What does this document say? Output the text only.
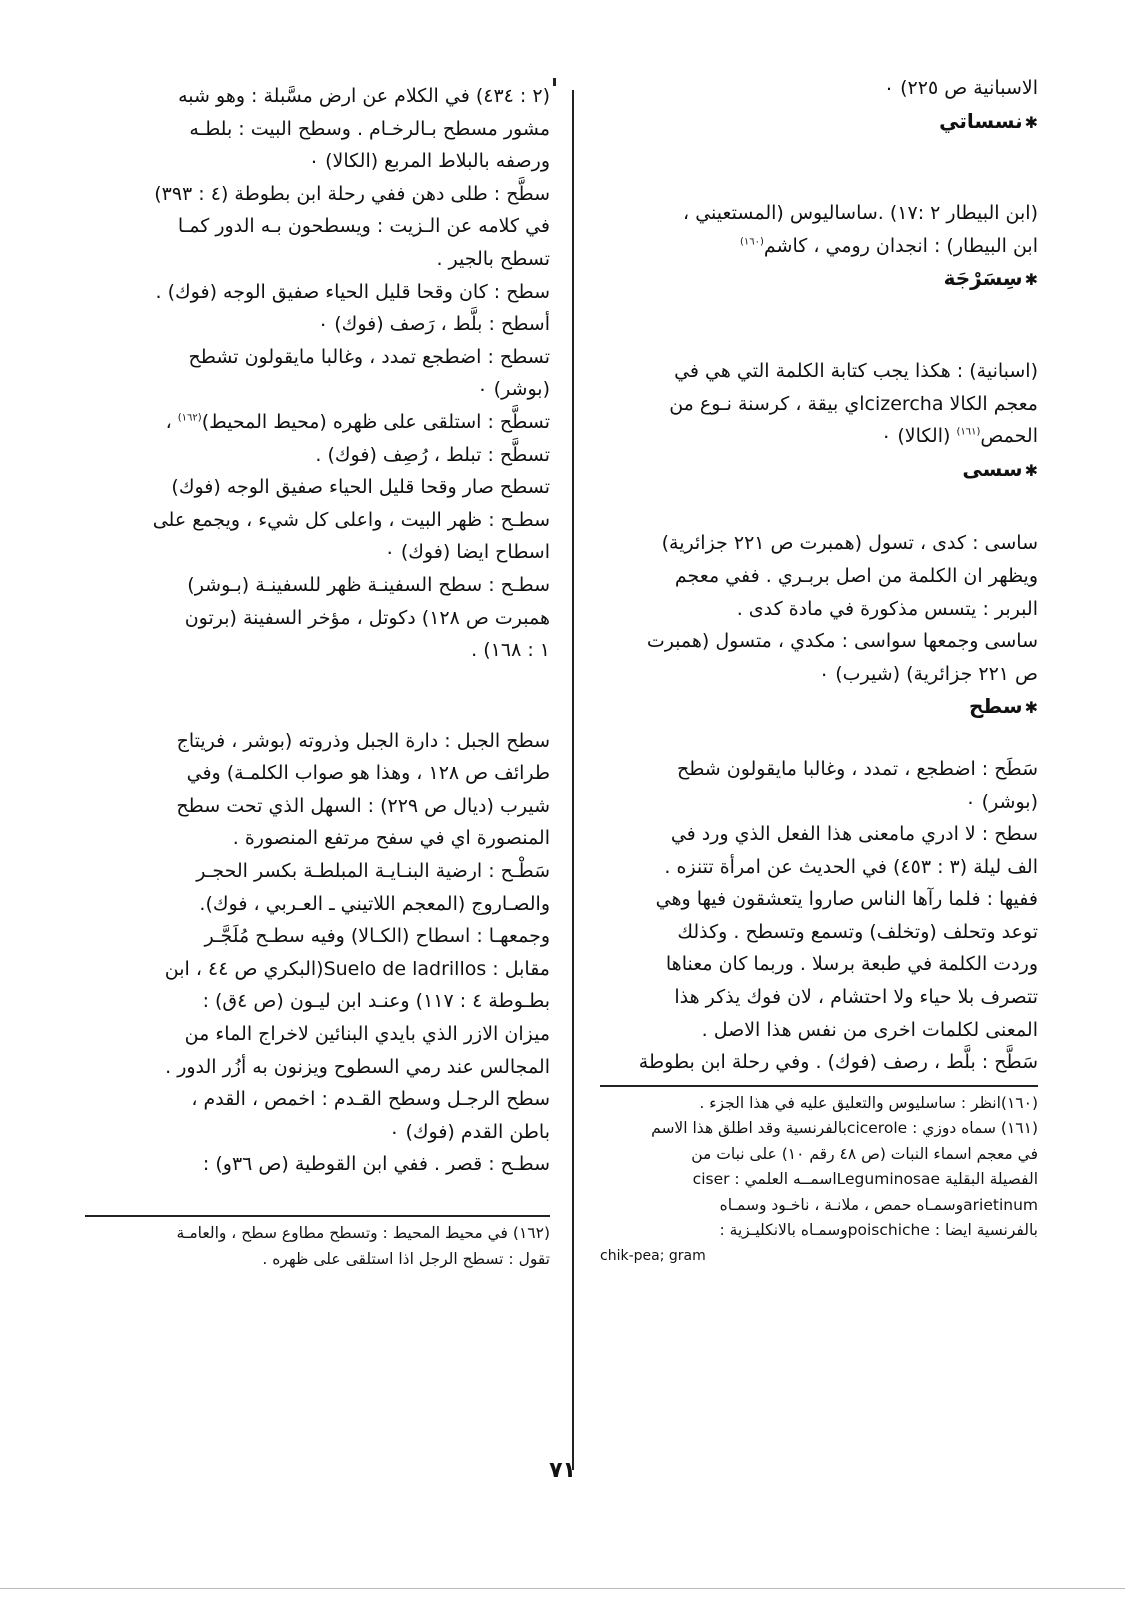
الاسبانية ص ٢٢٥) ٠

✱نسساتي

(ابن البيطار ٢ :١٧) .ساساليوس (المستعيني ،

ابن البيطار) : انجدان رومي ، كاشم$^{(١٦٠)}$

✱سِسَرْجَة

(اسبانية) : هكذا يجب كتابة الكلمة التي هي في

معجم الكالا cizerchaاي بيقة ، كرسنة نـوع من

الحمص$^{(١٦١)}$ (الكالا) ٠

✱سسى

ساسى : كدى ، تسول (همبرت ص ٢٢١ جزائرية)

ويظهر ان الكلمة من اصل بربـري . ففي معجم

البربر : يتسس مذكورة في مادة كدى .

ساسى وجمعها سواسى : مكدي ، متسول (همبرت

ص ٢٢١ جزائرية) (شيرب) ٠

✱سطح

سَطَح : اضطجع ، تمدد ، وغالبا مايقولون شطح

(بوشر) ٠

سطح : لا ادري مامعنى هذا الفعل الذي ورد في

الف ليلة (٣ : ٤٥٣) في الحديث عن امرأة تتنزه .

ففيها : فلما رآها الناس صاروا يتعشقون فيها وهي

توعد وتحلف (وتخلف) وتسمع وتسطح . وكذلك

وردت الكلمة في طبعة برسلا . وربما كان معناها

تتصرف بلا حياء ولا احتشام ، لان فوك يذكر هذا

المعنى لكلمات اخرى من نفس هذا الاصل .

سَطَّح : بلَّط ، رصف (فوك) . وفي رحلة ابن بطوطة

(١٦٠)انظر : ساسليوس والتعليق عليه في هذا الجزء .

(١٦١) سماه دوزي : ciceroleبالفرنسية وقد اطلق هذا الاسم

في معجم اسماء النبات (ص ٤٨ رقم ١٠) على نبات من

الفصيلة البقلية Leguminosaeاسمــه العلمي : ciser

arietinumوسمـاه حمص ، ملانـة ، ناخـود وسمـاه

بالفرنسية ايضا : poischicheوسمـاه بالانكليـزية :

chik-pea; gram

(٢ : ٤٣٤) في الكلام عن ارض مسَّبلة : وهو شبه

مشور مسطح بـالرخـام . وسطح البيت : بلطـه

ورصفه بالبلاط المربع (الكالا) ٠

سطَّح : طلى دهن ففي رحلة ابن بطوطة (٤ : ٣٩٣)

في كلامه عن الـزيت : ويسطحون بـه الدور كمـا

تسطح بالجير .

سطح : كان وقحا قليل الحياء صفيق الوجه (فوك) .

أسطح : بلَّط ، رَصف (فوك) ٠

تسطح : اضطجع تمدد ، وغالبا مايقولون تشطح

(بوشر) ٠

تسطَّح : استلقى على ظهره (محيط المحيط)$^{(١٦٢)}$ ،

تسطَّح : تبلط ، رُصِف (فوك) .

تسطح صار وقحا قليل الحياء صفيق الوجه (فوك)

سطـح : ظهر البيت ، واعلى كل شيء ، ويجمع على

اسطاح ايضا (فوك) ٠

سطـح : سطح السفينـة ظهر للسفينـة (بـوشر)

همبرت ص ١٢٨) دكوتل ، مؤخر السفينة (برتون

١ : ١٦٨) .

سطح الجبل : دارة الجبل وذروته (بوشر ، فريتاج

طرائف ص ١٢٨ ، وهذا هو صواب الكلمـة) وفي

شيرب (ديال ص ٢٢٩) : السهل الذي تحت سطح

المنصورة اي في سفح مرتفع المنصورة .

سَطْـح : ارضية البنـايـة المبلطـة بكسر الحجـر

والصـاروج (المعجم اللاتيني ـ العـربي ، فوك).

وجمعهـا : اسطاح (الكـالا) وفيه سطـح مُلَجَّـر

مقابل : Suelo de ladrillos(البكري ص ٤٤ ، ابن

بطـوطة ٤ : ١١٧) وعنـد ابن ليـون (ص ٤ق) :

ميزان الازر الذي بايدي البنائين لاخراج الماء من

المجالس عند رمي السطوح ويزنون به أزُر الدور .

سطح الرجـل وسطح القـدم : اخمص ، القدم ،

باطن القدم (فوك) ٠

سطـح : قصر . ففي ابن القوطية (ص ٣٦و) :

(١٦٢) في محيط المحيط : وتسطح مطاوع سطح ، والعامـة

تقول : تسطح الرجل اذا استلقى على ظهره .

٧١
